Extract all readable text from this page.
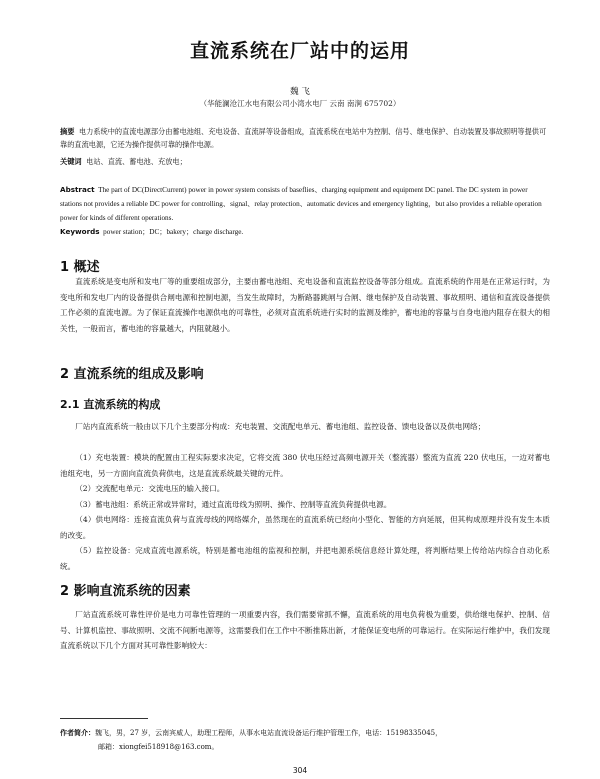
直流系统在厂站中的运用
魏 飞
（华能澜沧江水电有限公司小湾水电厂 云南 南涧 675702）
摘要 电力系统中的直流电源部分由蓄电池组、充电设备、直流屏等设备组成，直流系统在电站中为控制、信号、继电保护、自动装置及事故照明等提供可靠的直流电源，它还为操作提供可靠的操作电源。
关键词 电站、直流、蓄电池、充放电；
Abstract The part of DC(DirectCurrent) power in power system consists of baseflies、charging equipment and equipment DC panel. The DC system in power stations not provides a reliable DC power for controlling、signal、relay protection、automatic devices and emergency lighting，but also provides a reliable operation power for kinds of different operations.
Keywords power station；DC；bakery；charge discharge.
1 概述

直流系统是变电所和发电厂等的重要组成部分，主要由蓄电池组、充电设备和直流监控设备等部分组成。直流系统的作用是在正常运行时，为变电所和发电厂内的设备提供合闸电源和控制电源，当发生故障时，为断路器跳闸与合闸、继电保护及自动装置、事故照明、通信和直流设备提供工作必须的直流电源。为了保证直流操作电源供电的可靠性，必须对直流系统进行实时的监测及维护，蓄电池的容量与自身电池内阻存在很大的相关性，一般而言，蓄电池的容量越大，内阻就越小。

2 直流系统的组成及影响
2.1 直流系统的构成

厂站内直流系统一般由以下几个主要部分构成：充电装置、交流配电单元、蓄电池组、监控设备、馈电设备以及供电网络；

（1）充电装置：模块的配置由工程实际要求决定，它将交流 380 伏电压经过高频电源开关（整流器）整流为直流 220 伏电压，一边对蓄电池组充电，另一方面向直流负荷供电，这是直流系统最关键的元件。

（2）交流配电单元：交流电压的输入接口。

（3）蓄电池组：系统正常或异常时，通过直流母线为照明、操作、控制等直流负荷提供电源。

（4）供电网络：连接直流负荷与直流母线的网络媒介，虽然现在的直流系统已经向小型化、智能的方向延展，但其构成原理并没有发生本质的改变。

（5）监控设备：完成直流电源系统，特别是蓄电池组的监视和控制，并把电源系统信息经计算处理，将判断结果上传给站内综合自动化系统。

2 影响直流系统的因素

厂站直流系统可靠性评价是电力可靠性管理的一项重要内容，我们需要常抓不懈，直流系统的用电负荷极为重要，供给继电保护、控制、信号、计算机监控、事故照明、交流不间断电源等，这需要我们在工作中不断推陈出新，才能保证变电所的可靠运行。在实际运行维护中，我们发现直流系统以下几个方面对其可靠性影响较大：

作者简介：魏飞，男，27 岁，云南宾威人，助理工程师，从事水电站直流设备运行维护管理工作，电话：15198335045，
邮箱：xiongfei518918@163.com。
304
